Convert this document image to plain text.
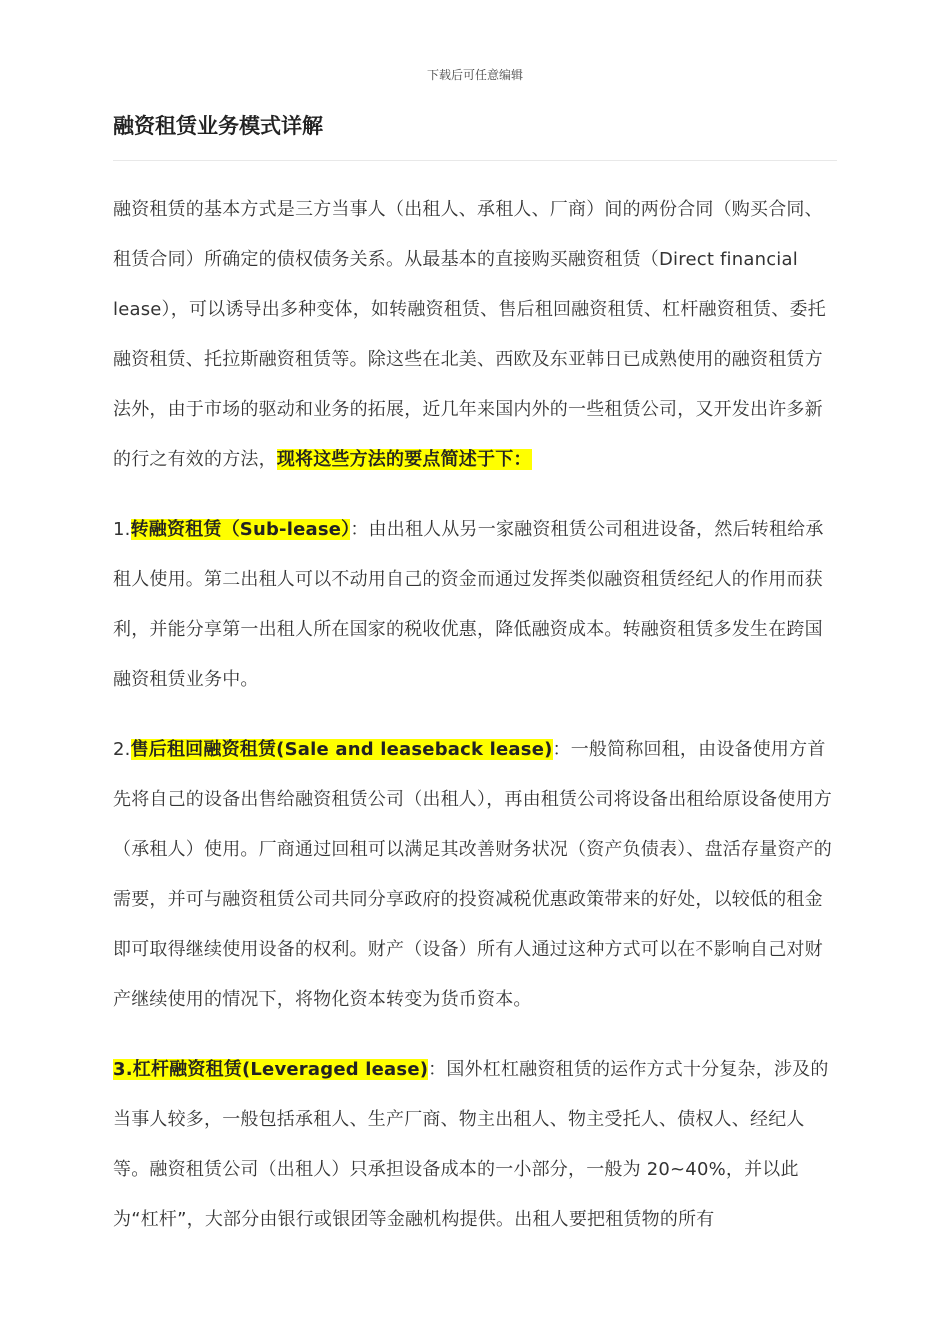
下载后可任意编辑
融资租赁业务模式详解

融资租赁的基本方式是三方当事人（出租人、承租人、厂商）间的两份合同（购买合同、租赁合同）所确定的债权债务关系。从最基本的直接购买融资租赁（Direct financial lease），可以诱导出多种变体，如转融资租赁、售后租回融资租赁、杠杆融资租赁、委托融资租赁、托拉斯融资租赁等。除这些在北美、西欧及东亚韩日已成熟使用的融资租赁方法外，由于市场的驱动和业务的拓展，近几年来国内外的一些租赁公司，又开发出许多新的行之有效的方法，现将这些方法的要点简述于下：

1.转融资租赁（Sub-lease）：由出租人从另一家融资租赁公司租进设备，然后转租给承租人使用。第二出租人可以不动用自己的资金而通过发挥类似融资租赁经纪人的作用而获利，并能分享第一出租人所在国家的税收优惠，降低融资成本。转融资租赁多发生在跨国融资租赁业务中。

2.售后租回融资租赁(Sale and leaseback lease)：一般简称回租，由设备使用方首先将自己的设备出售给融资租赁公司（出租人），再由租赁公司将设备出租给原设备使用方（承租人）使用。厂商通过回租可以满足其改善财务状况（资产负债表）、盘活存量资产的需要，并可与融资租赁公司共同分享政府的投资减税优惠政策带来的好处，以较低的租金即可取得继续使用设备的权利。财产（设备）所有人通过这种方式可以在不影响自己对财产继续使用的情况下，将物化资本转变为货币资本。

3.杠杆融资租赁(Leveraged lease)：国外杠杠融资租赁的运作方式十分复杂，涉及的当事人较多，一般包括承租人、生产厂商、物主出租人、物主受托人、债权人、经纪人等。融资租赁公司（出租人）只承担设备成本的一小部分，一般为 20~40%，并以此为“杠杆”，大部分由银行或银团等金融机构提供。出租人要把租赁物的所有
